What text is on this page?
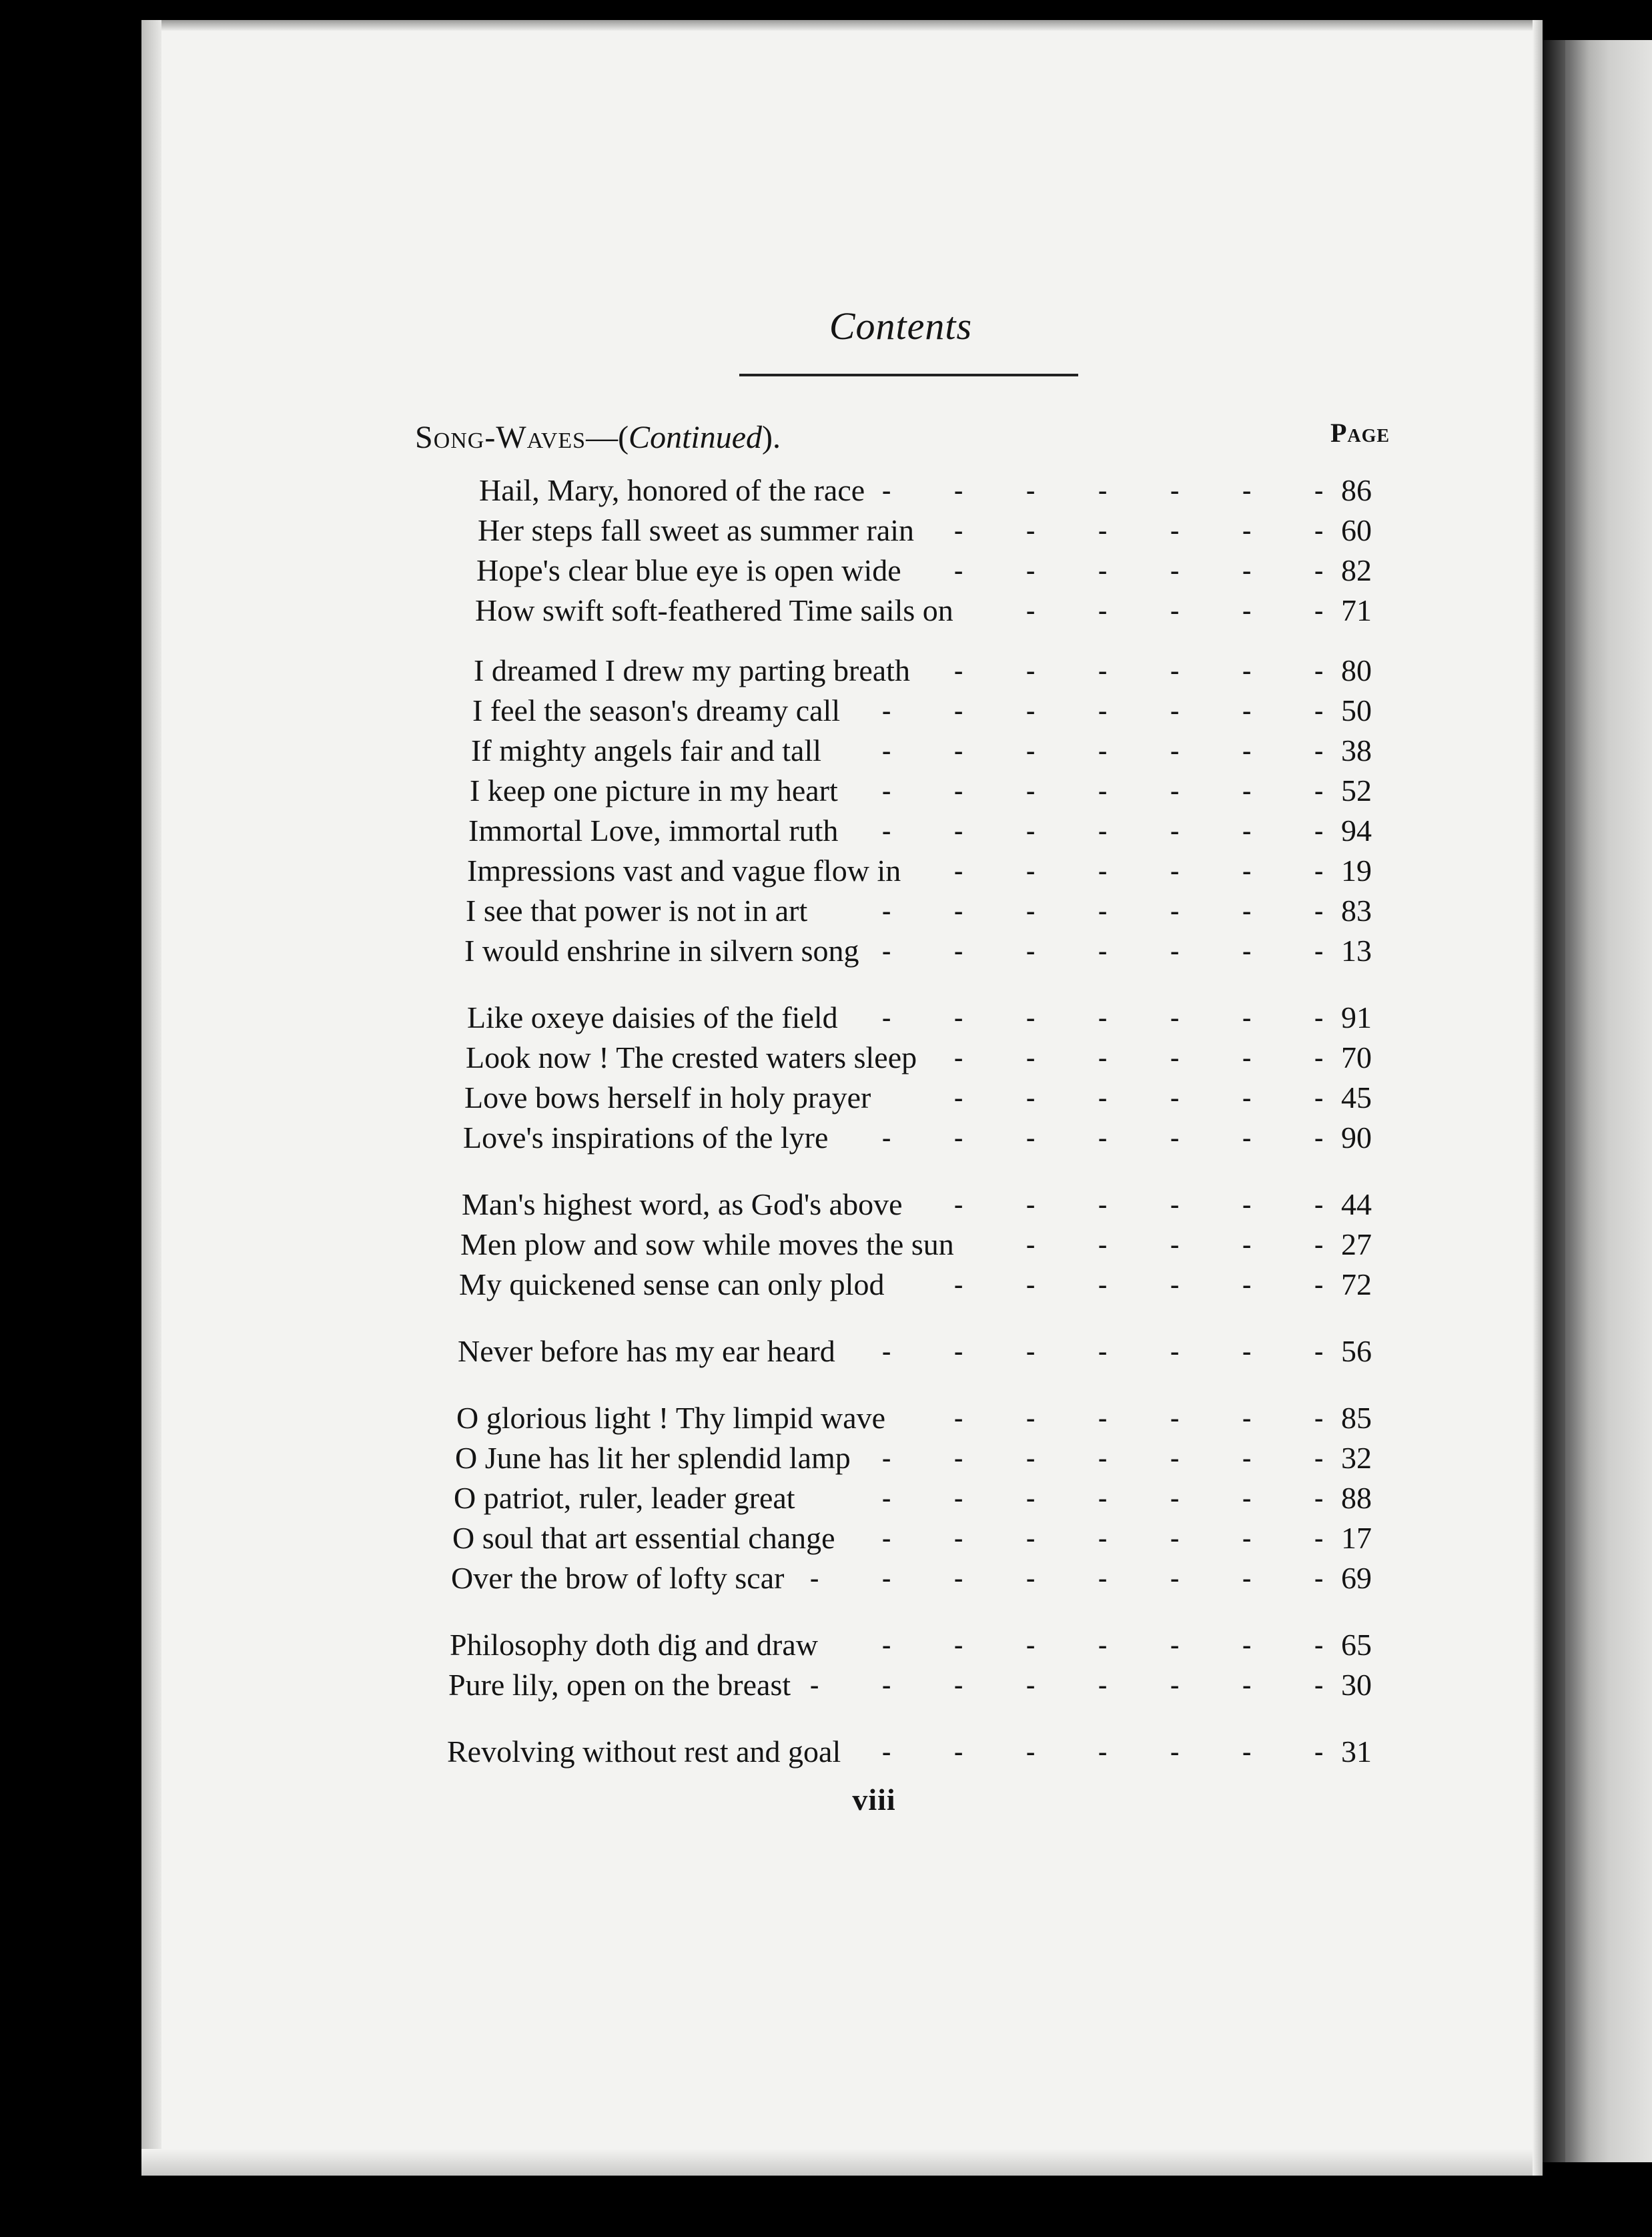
Contents
Song-Waves—(Continued).	Page
Hail, Mary, honored of the race - - - - - - - 86
Her steps fall sweet as summer rain - - - - - - 60
Hope's clear blue eye is open wide - - - - - - 82
How swift soft-feathered Time sails on	- - - - - 71
I dreamed I drew my parting breath - - - - - - 80
I feel the season's dreamy call - - - - - - - 50
If mighty angels fair and tall - - - - - - - 38
I keep one picture in my heart - - - - - - - 52
Immortal Love, immortal ruth - - - - - - - 94
Impressions vast and vague flow in - - - - - - 19
I see that power is not in art	- - - - - - - 83
I would enshrine in silvern song - - - - - - - 13
Like oxeye daisies of the field - - - - - - - 91
Look now ! The crested waters sleep - - - - - - 70
Love bows herself in holy prayer	- - - - - - 45
Love's inspirations of the lyre - - - - - - - 90
Man's highest word, as God's above - - - - - - 44
Men plow and sow while moves the sun	- - - - - 27
My quickened sense can only plod	- - - - - - 72
Never before has my ear heard - - - - - - - 56
O glorious light ! Thy limpid wave	- - - - - - 85
O June has lit her splendid lamp - - - - - - - 32
O patriot, ruler, leader great	- - - - - - - 88
O soul that art essential change - - - - - - - 17
Over the brow of lofty scar - - - - - - - - 69
Philosophy doth dig and draw - - - - - - - 65
Pure lily, open on the breast - - - - - - - - 30
Revolving without rest and goal - - - - - - - 31
viii
